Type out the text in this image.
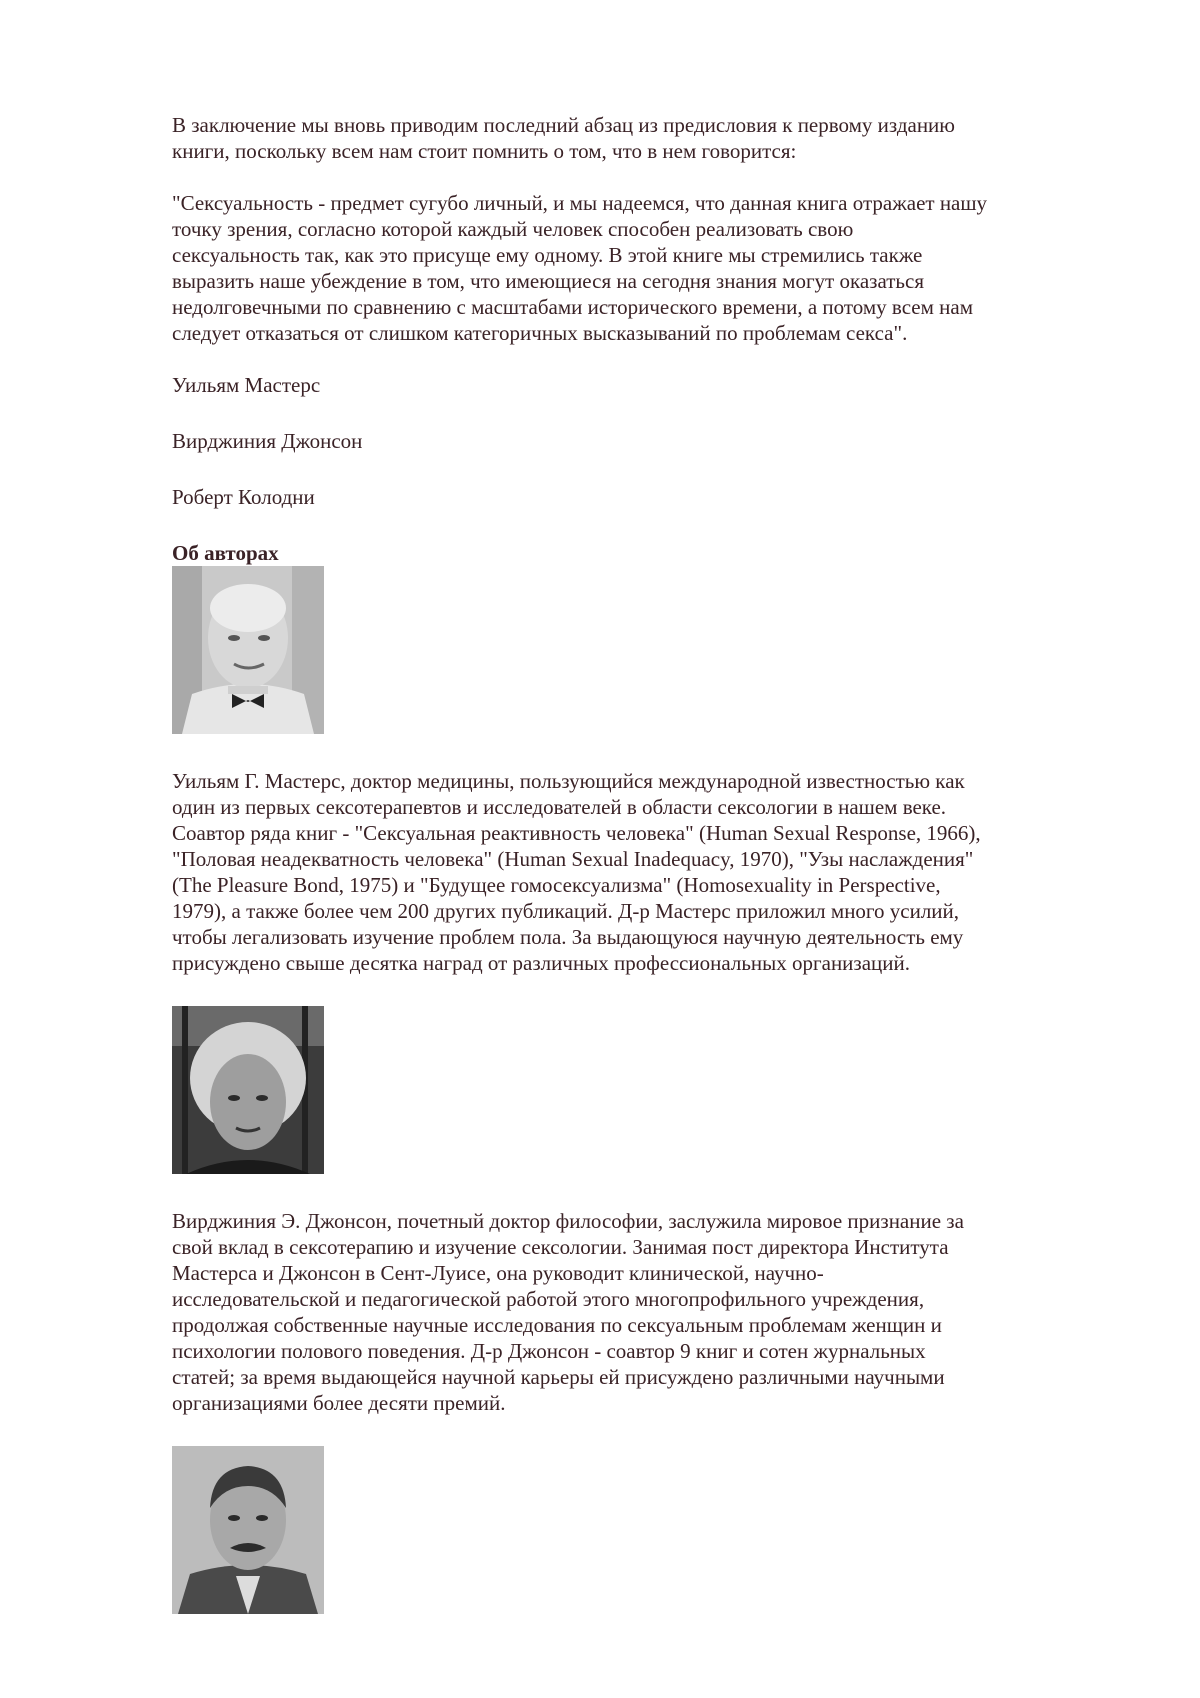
В заключение мы вновь приводим последний абзац из предисловия к первому изданию
книги, поскольку всем нам стоит помнить о том, что в нем говорится:

"Сексуальность - предмет сугубо личный, и мы надеемся, что данная книга отражает нашу
точку зрения, согласно которой каждый человек способен реализовать свою
сексуальность так, как это присуще ему одному. В этой книге мы стремились также
выразить наше убеждение в том, что имеющиеся на сегодня знания могут оказаться
недолговечными по сравнению с масштабами исторического времени, а потому всем нам
следует отказаться от слишком категоричных высказываний по проблемам секса".

Уильям Мастерс

Вирджиния Джонсон

Роберт Колодни

Об авторах

Уильям Г. Мастерс, доктор медицины, пользующийся международной известностью как
один из первых сексотерапевтов и исследователей в области сексологии в нашем веке.
Соавтор ряда книг - "Сексуальная реактивность человека" (Human Sexual Response, 1966),
"Половая неадекватность человека" (Human Sexual Inadequacy, 1970), "Узы наслаждения"
(The Pleasure Bond, 1975) и "Будущее гомосексуализма" (Homosexuality in Perspective,
1979), а также более чем 200 других публикаций. Д-р Мастерс приложил много усилий,
чтобы легализовать изучение проблем пола. За выдающуюся научную деятельность ему
присуждено свыше десятка наград от различных профессиональных организаций.

Вирджиния Э. Джонсон, почетный доктор философии, заслужила мировое признание за
свой вклад в сексотерапию и изучение сексологии. Занимая пост директора Института
Мастерса и Джонсон в Сент-Луисе, она руководит клинической, научно-
исследовательской и педагогической работой этого многопрофильного учреждения,
продолжая собственные научные исследования по сексуальным проблемам женщин и
психологии полового поведения. Д-р Джонсон - соавтор 9 книг и сотен журнальных
статей; за время выдающейся научной карьеры ей присуждено различными научными
организациями более десяти премий.
